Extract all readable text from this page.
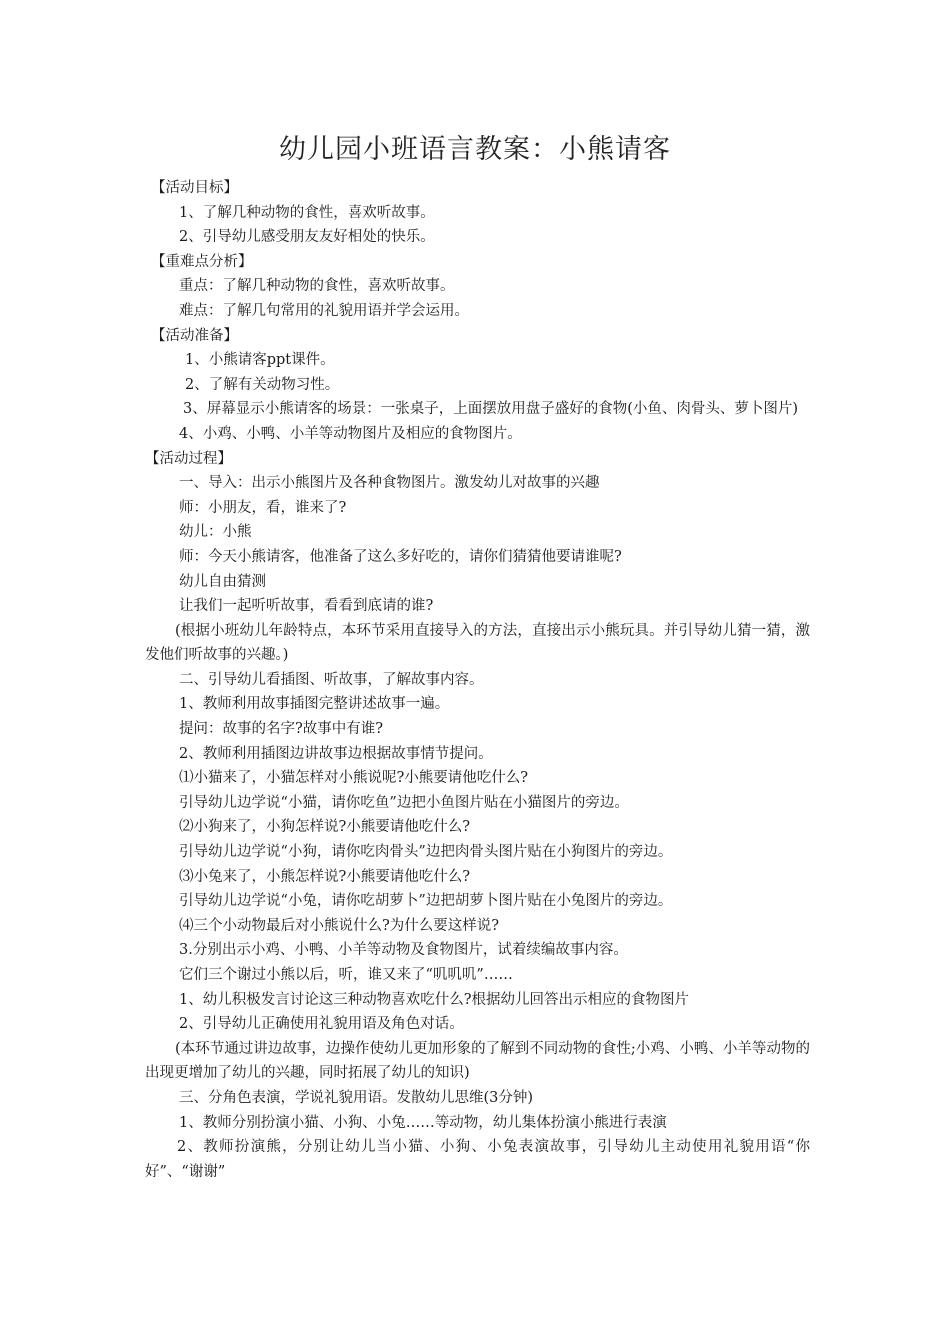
幼儿园小班语言教案：小熊请客

【活动目标】

1、了解几种动物的食性，喜欢听故事。

2、引导幼儿感受朋友友好相处的快乐。

【重难点分析】

重点：了解几种动物的食性，喜欢听故事。

难点：了解几句常用的礼貌用语并学会运用。

【活动准备】

1、小熊请客ppt课件。

2、了解有关动物习性。

3、屏幕显示小熊请客的场景：一张桌子，上面摆放用盘子盛好的食物(小鱼、肉骨头、萝卜图片)

4、小鸡、小鸭、小羊等动物图片及相应的食物图片。

【活动过程】

一、导入：出示小熊图片及各种食物图片。激发幼儿对故事的兴趣

师：小朋友，看，谁来了?

幼儿：小熊

师：今天小熊请客，他准备了这么多好吃的，请你们猜猜他要请谁呢?

幼儿自由猜测

让我们一起听听故事，看看到底请的谁?

(根据小班幼儿年龄特点，本环节采用直接导入的方法，直接出示小熊玩具。并引导幼儿猜一猜，激发他们听故事的兴趣。)

二、引导幼儿看插图、听故事，了解故事内容。

1、教师利用故事插图完整讲述故事一遍。

提问：故事的名字?故事中有谁?

2、教师利用插图边讲故事边根据故事情节提问。

⑴小猫来了，小猫怎样对小熊说呢?小熊要请他吃什么?

引导幼儿边学说“小猫，请你吃鱼”边把小鱼图片贴在小猫图片的旁边。

⑵小狗来了，小狗怎样说?小熊要请他吃什么?

引导幼儿边学说“小狗，请你吃肉骨头”边把肉骨头图片贴在小狗图片的旁边。

⑶小兔来了，小熊怎样说?小熊要请他吃什么?

引导幼儿边学说“小兔，请你吃胡萝卜”边把胡萝卜图片贴在小兔图片的旁边。

⑷三个小动物最后对小熊说什么?为什么要这样说?

3.分别出示小鸡、小鸭、小羊等动物及食物图片，试着续编故事内容。

它们三个谢过小熊以后，听，谁又来了“叽叽叽”……

1、幼儿积极发言讨论这三种动物喜欢吃什么?根据幼儿回答出示相应的食物图片

2、引导幼儿正确使用礼貌用语及角色对话。

(本环节通过讲边故事，边操作使幼儿更加形象的了解到不同动物的食性;小鸡、小鸭、小羊等动物的出现更增加了幼儿的兴趣，同时拓展了幼儿的知识)

三、分角色表演，学说礼貌用语。发散幼儿思维(3分钟)

1、教师分别扮演小猫、小狗、小兔……等动物，幼儿集体扮演小熊进行表演

2、教师扮演熊，分别让幼儿当小猫、小狗、小兔表演故事，引导幼儿主动使用礼貌用语“你好”、“谢谢”
